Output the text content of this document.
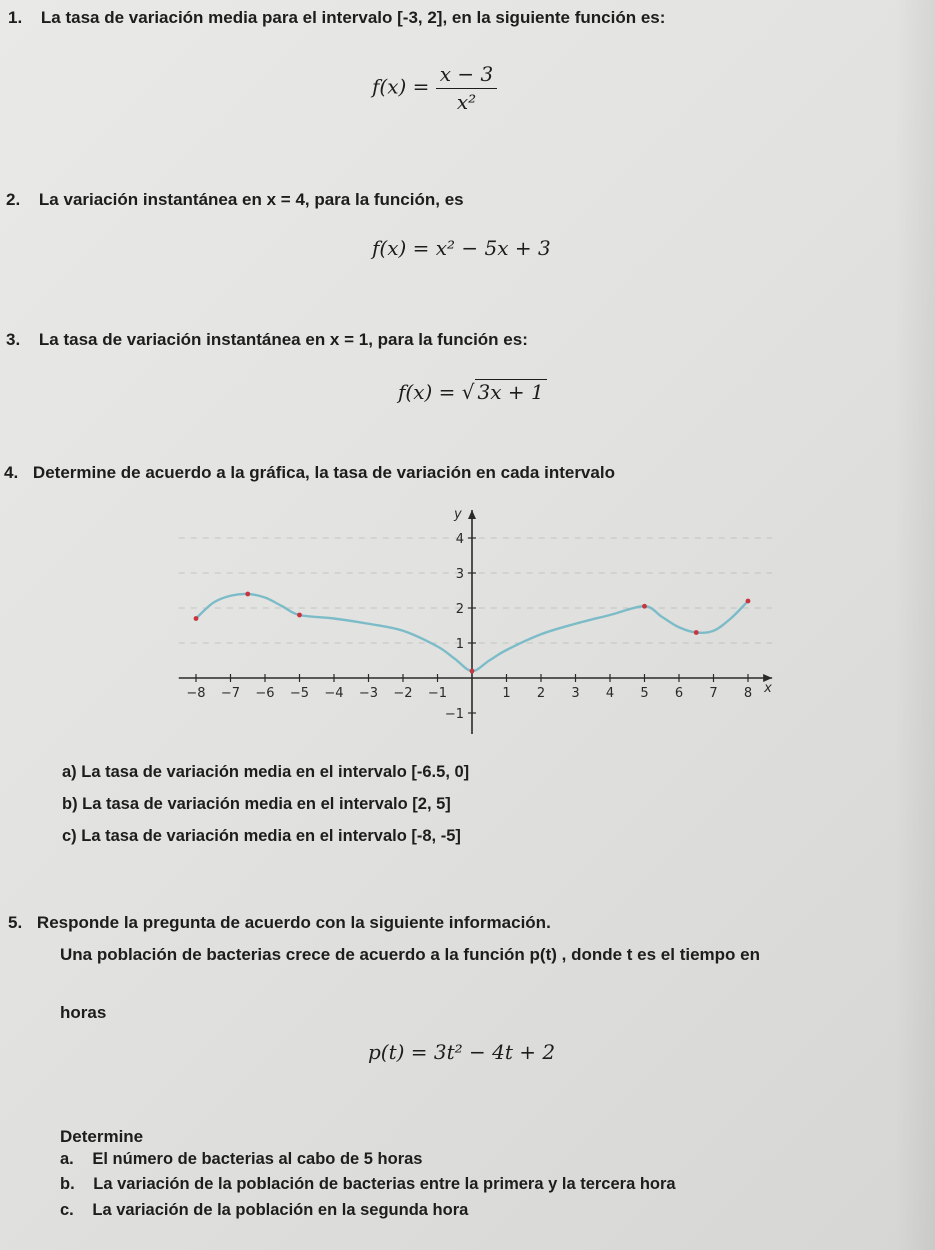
1. La tasa de variación media para el intervalo [-3, 2], en la siguiente función es:
$f(x) = \frac{x - 3}{\text{x²}}$
2. La variación instantánea en x = 4, para la función, es
f(x) = x² − 5x + 3
3. La tasa de variación instantánea en x = 1, para la función es:
f(x) = √ 3x + 1
4. Determine de acuerdo a la gráfica, la tasa de variación en cada intervalo
x
y
−8 −7 −6 −5 −4 −3 −2 −1	1 2 3 4 5 6 7 8
4
3
2
1
−1
a) La tasa de variación media en el intervalo [-6.5, 0]
b) La tasa de variación media en el intervalo [2, 5]
c) La tasa de variación media en el intervalo [-8, -5]
5. Responde la pregunta de acuerdo con la siguiente información.
Una población de bacterias crece de acuerdo a la función p(t) , donde t es el tiempo en
horas
p(t) = 3t² − 4t + 2
Determine
a. El número de bacterias al cabo de 5 horas
b. La variación de la población de bacterias entre la primera y la tercera hora
c. La variación de la población en la segunda hora
